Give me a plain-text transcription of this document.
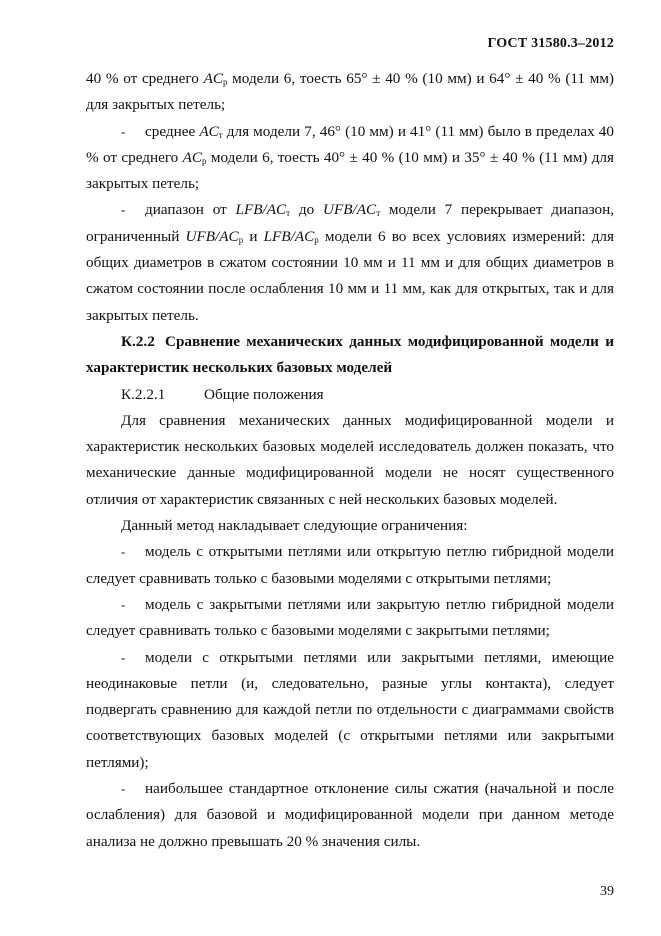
ГОСТ 31580.3–2012

40 % от среднего $AC_р$ модели 6, тоесть 65° ± 40 % (10 мм) и 64° ± 40 % (11 мм) для закрытых петель;

- среднее $AC_т$ для модели 7, 46° (10 мм) и 41° (11 мм) было в пределах 40 % от среднего $AC_р$ модели 6, тоесть 40° ± 40 % (10 мм) и 35° ± 40 % (11 мм) для закрытых петель;

- диапазон от LFB/$AC_т$ до UFB/$AC_т$ модели 7 перекрывает диапазон, ограниченный UFB/$AC_р$ и LFB/$AC_р$ модели 6 во всех условиях измерений: для общих диаметров в сжатом состоянии 10 мм и 11 мм и для общих диаметров в сжатом состоянии после ослабления 10 мм и 11 мм, как для открытых, так и для закрытых петель.

К.2.2 Сравнение механических данных модифицированной модели и характеристик нескольких базовых моделей

К.2.2.1	Общие положения

Для сравнения механических данных модифицированной модели и характеристик нескольких базовых моделей исследователь должен показать, что механические данные модифицированной модели не носят существенного отличия от характеристик связанных с ней нескольких базовых моделей.

Данный метод накладывает следующие ограничения:

- модель с открытыми петлями или открытую петлю гибридной модели следует сравнивать только с базовыми моделями с открытыми петлями;

- модель с закрытыми петлями или закрытую петлю гибридной модели следует сравнивать только с базовыми моделями с закрытыми петлями;

- модели с открытыми петлями или закрытыми петлями, имеющие неодинаковые петли (и, следовательно, разные углы контакта), следует подвергать сравнению для каждой петли по отдельности с диаграммами свойств соответствующих базовых моделей (с открытыми петлями или закрытыми петлями);

- наибольшее стандартное отклонение силы сжатия (начальной и после ослабления) для базовой и модифицированной модели при данном методе анализа не должно превышать 20 % значения силы.

39
